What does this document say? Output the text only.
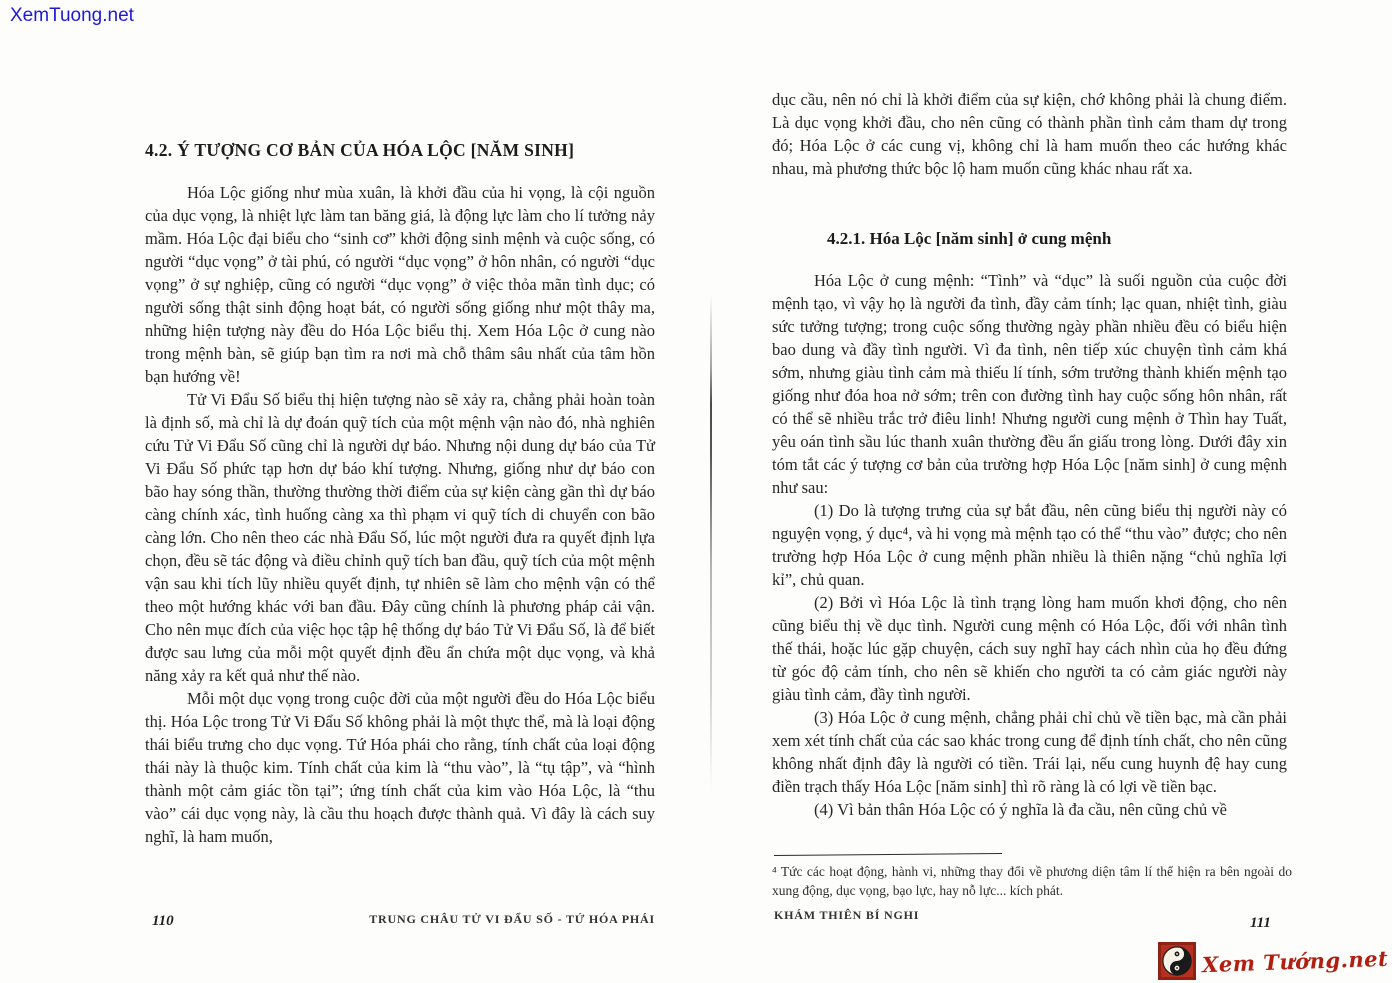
XemTuong.net
4.2. Ý TƯỢNG CƠ BẢN CỦA HÓA LỘC [NĂM SINH]

Hóa Lộc giống như mùa xuân, là khởi đầu của hi vọng, là cội nguồn của dục vọng, là nhiệt lực làm tan băng giá, là động lực làm cho lí tưởng nảy mầm. Hóa Lộc đại biểu cho “sinh cơ” khởi động sinh mệnh và cuộc sống, có người “dục vọng” ở tài phú, có người “dục vọng” ở hôn nhân, có người “dục vọng” ở sự nghiệp, cũng có người “dục vọng” ở việc thỏa mãn tình dục; có người sống thật sinh động hoạt bát, có người sống giống như một thây ma, những hiện tượng này đều do Hóa Lộc biểu thị. Xem Hóa Lộc ở cung nào trong mệnh bàn, sẽ giúp bạn tìm ra nơi mà chỗ thâm sâu nhất của tâm hồn bạn hướng về!

Tử Vi Đẩu Số biểu thị hiện tượng nào sẽ xảy ra, chẳng phải hoàn toàn là định số, mà chỉ là dự đoán quỹ tích của một mệnh vận nào đó, nhà nghiên cứu Tử Vi Đẩu Số cũng chỉ là người dự báo. Nhưng nội dung dự báo của Tử Vi Đẩu Số phức tạp hơn dự báo khí tượng. Nhưng, giống như dự báo con bão hay sóng thần, thường thường thời điểm của sự kiện càng gần thì dự báo càng chính xác, tình huống càng xa thì phạm vi quỹ tích di chuyển con bão càng lớn. Cho nên theo các nhà Đẩu Số, lúc một người đưa ra quyết định lựa chọn, đều sẽ tác động và điều chỉnh quỹ tích ban đầu, quỹ tích của một mệnh vận sau khi tích lũy nhiều quyết định, tự nhiên sẽ làm cho mệnh vận có thể theo một hướng khác với ban đầu. Đây cũng chính là phương pháp cải vận. Cho nên mục đích của việc học tập hệ thống dự báo Tử Vi Đẩu Số, là để biết được sau lưng của mỗi một quyết định đều ẩn chứa một dục vọng, và khả năng xảy ra kết quả như thế nào.

Mỗi một dục vọng trong cuộc đời của một người đều do Hóa Lộc biểu thị. Hóa Lộc trong Tử Vi Đẩu Số không phải là một thực thể, mà là loại động thái biểu trưng cho dục vọng. Tứ Hóa phái cho rằng, tính chất của loại động thái này là thuộc kim. Tính chất của kim là “thu vào”, là “tụ tập”, và “hình thành một cảm giác tồn tại”; ứng tính chất của kim vào Hóa Lộc, là “thu vào” cái dục vọng này, là cầu thu hoạch được thành quả. Vì đây là cách suy nghĩ, là ham muốn,

110	TRUNG CHÂU TỬ VI ĐẨU SỐ - TỨ HÓA PHÁI

dục cầu, nên nó chỉ là khởi điểm của sự kiện, chớ không phải là chung điểm. Là dục vọng khởi đầu, cho nên cũng có thành phần tình cảm tham dự trong đó; Hóa Lộc ở các cung vị, không chỉ là ham muốn theo các hướng khác nhau, mà phương thức bộc lộ ham muốn cũng khác nhau rất xa.

4.2.1. Hóa Lộc [năm sinh] ở cung mệnh

Hóa Lộc ở cung mệnh: “Tình” và “dục” là suối nguồn của cuộc đời mệnh tạo, vì vậy họ là người đa tình, đầy cảm tính; lạc quan, nhiệt tình, giàu sức tưởng tượng; trong cuộc sống thường ngày phần nhiều đều có biểu hiện bao dung và đầy tình người. Vì đa tình, nên tiếp xúc chuyện tình cảm khá sớm, nhưng giàu tình cảm mà thiếu lí tính, sớm trưởng thành khiến mệnh tạo giống như đóa hoa nở sớm; trên con đường tình hay cuộc sống hôn nhân, rất có thể sẽ nhiều trắc trở điêu linh! Nhưng người cung mệnh ở Thìn hay Tuất, yêu oán tình sầu lúc thanh xuân thường đều ẩn giấu trong lòng. Dưới đây xin tóm tắt các ý tượng cơ bản của trường hợp Hóa Lộc [năm sinh] ở cung mệnh như sau:

(1) Do là tượng trưng của sự bắt đầu, nên cũng biểu thị người này có nguyện vọng, ý dục⁴, và hi vọng mà mệnh tạo có thể “thu vào” được; cho nên trường hợp Hóa Lộc ở cung mệnh phần nhiều là thiên nặng “chủ nghĩa lợi kỉ”, chủ quan.

(2) Bởi vì Hóa Lộc là tình trạng lòng ham muốn khơi động, cho nên cũng biểu thị về dục tình. Người cung mệnh có Hóa Lộc, đối với nhân tình thế thái, hoặc lúc gặp chuyện, cách suy nghĩ hay cách nhìn của họ đều đứng từ góc độ cảm tính, cho nên sẽ khiến cho người ta có cảm giác người này giàu tình cảm, đầy tình người.

(3) Hóa Lộc ở cung mệnh, chẳng phải chỉ chủ về tiền bạc, mà cần phải xem xét tính chất của các sao khác trong cung để định tính chất, cho nên cũng không nhất định đây là người có tiền. Trái lại, nếu cung huynh đệ hay cung điền trạch thấy Hóa Lộc [năm sinh] thì rõ ràng là có lợi về tiền bạc.

(4) Vì bản thân Hóa Lộc có ý nghĩa là đa cầu, nên cũng chủ về

⁴ Tức các hoạt động, hành vi, những thay đổi về phương diện tâm lí thể hiện ra bên ngoài do xung động, dục vọng, bạo lực, hay nỗ lực... kích phát.
KHÁM THIÊN BÍ NGHI	111
Xem Tướng.net
